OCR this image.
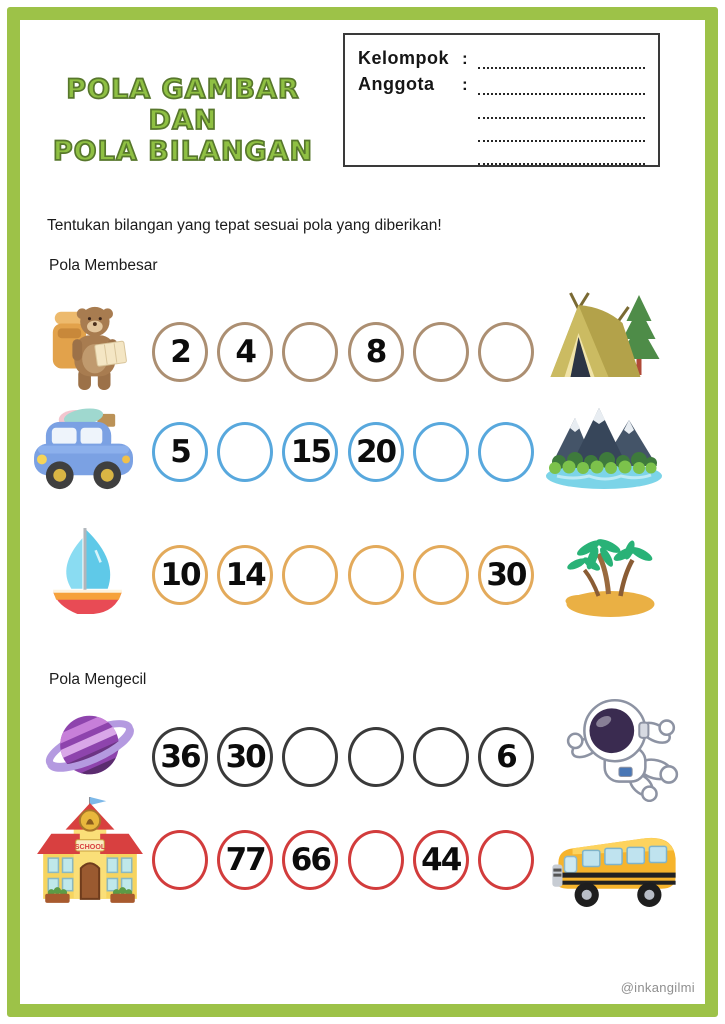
POLA GAMBAR DAN
POLA BILANGAN
Kelompok :
Anggota	:
Tentukan bilangan yang tepat sesuai pola yang diberikan!
Pola Membesar
2	4	8
5	15 20
10 14	30
Pola Mengecil
36 30	6
SCHOOL	77 66	44
@inkangilmi
